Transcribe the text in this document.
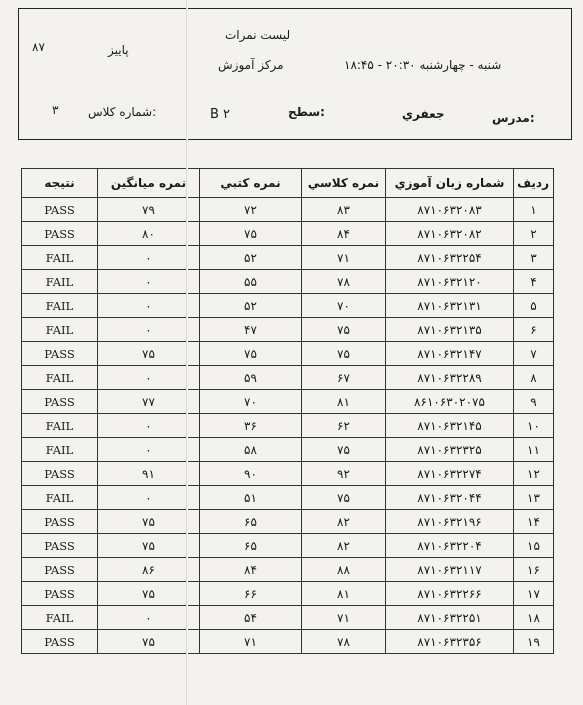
لیست نمرات
مرکز آموزش
پاییز
۸۷
شنبه - چهارشنبه ۲۰:۳۰ - ۱۸:۴۵
مدرس:
جعفري
سطح:
B ۲
شماره کلاس:
۳
رديف	شماره زبان آموزي	نمره کلاسي	نمره کتبي	نمره ميانگين	نتيجه
۱	۸۷۱۰۶۳۲۰۸۳	۸۳	۷۲	۷۹	PASS
۲	۸۷۱۰۶۳۲۰۸۲	۸۴	۷۵	۸۰	PASS
۳	۸۷۱۰۶۳۲۲۵۴	۷۱	۵۲	۰	FAIL
۴	۸۷۱۰۶۳۲۱۲۰	۷۸	۵۵	۰	FAIL
۵	۸۷۱۰۶۳۲۱۳۱	۷۰	۵۲	۰	FAIL
۶	۸۷۱۰۶۳۲۱۳۵	۷۵	۴۷	۰	FAIL
۷	۸۷۱۰۶۳۲۱۴۷	۷۵	۷۵	۷۵	PASS
۸	۸۷۱۰۶۳۲۲۸۹	۶۷	۵۹	۰	FAIL
۹	۸۶۱۰۶۳۰۲۰۷۵	۸۱	۷۰	۷۷	PASS
۱۰	۸۷۱۰۶۳۲۱۴۵	۶۲	۳۶	۰	FAIL
۱۱	۸۷۱۰۶۳۲۳۲۵	۷۵	۵۸	۰	FAIL
۱۲	۸۷۱۰۶۳۲۲۷۴	۹۲	۹۰	۹۱	PASS
۱۳	۸۷۱۰۶۳۲۰۴۴	۷۵	۵۱	۰	FAIL
۱۴	۸۷۱۰۶۳۲۱۹۶	۸۲	۶۵	۷۵	PASS
۱۵	۸۷۱۰۶۳۲۲۰۴	۸۲	۶۵	۷۵	PASS
۱۶	۸۷۱۰۶۳۲۱۱۷	۸۸	۸۴	۸۶	PASS
۱۷	۸۷۱۰۶۳۲۲۶۶	۸۱	۶۶	۷۵	PASS
۱۸	۸۷۱۰۶۳۲۲۵۱	۷۱	۵۴	۰	FAIL
۱۹	۸۷۱۰۶۳۲۳۵۶	۷۸	۷۱	۷۵	PASS
